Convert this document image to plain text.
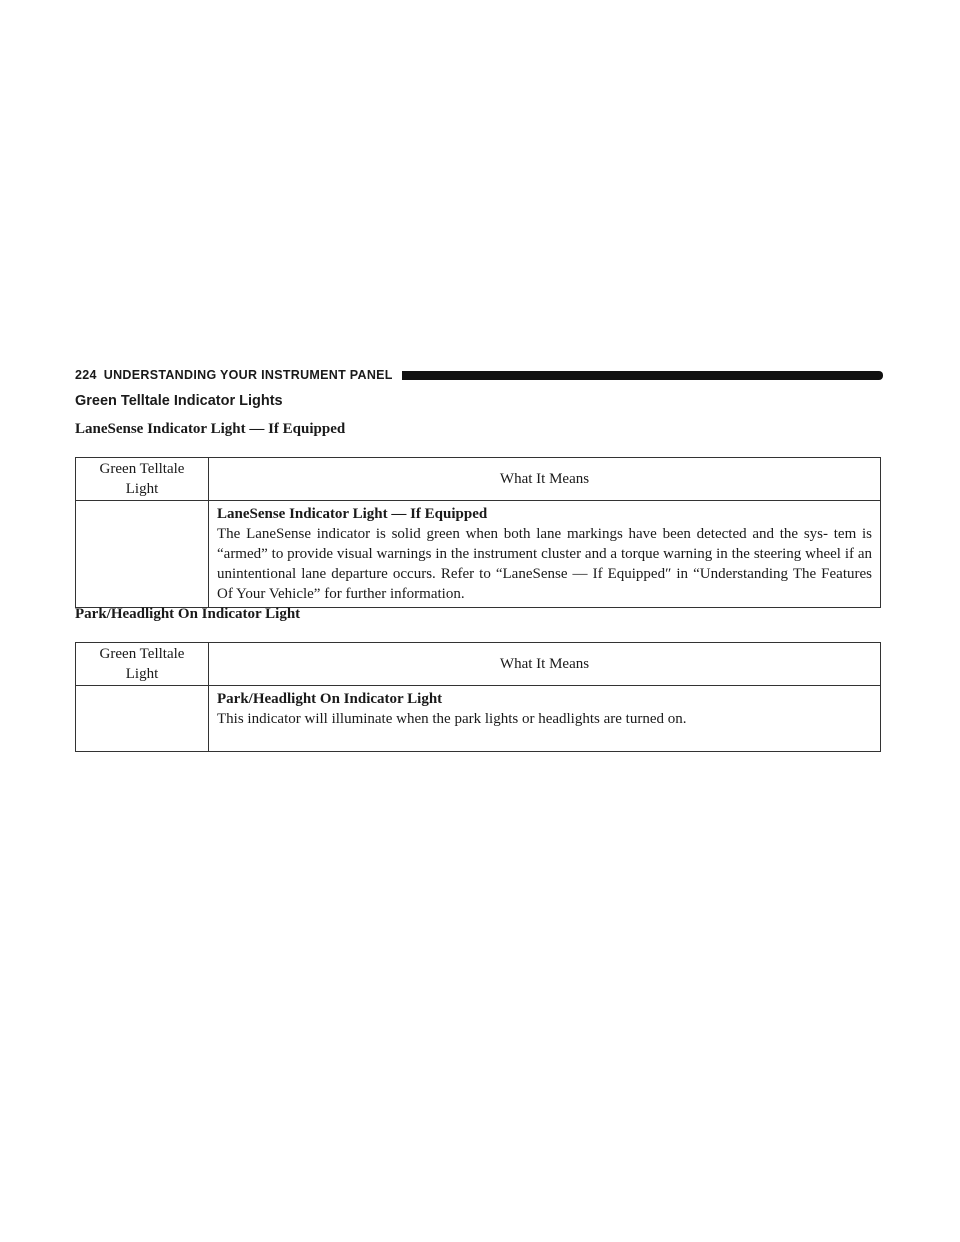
224 UNDERSTANDING YOUR INSTRUMENT PANEL
Green Telltale Indicator Lights
LaneSense Indicator Light — If Equipped
Green Telltale Light	What It Means

	LaneSense Indicator Light — If Equipped
The LaneSense indicator is solid green when both lane markings have been detected and the sys- tem is “armed” to provide visual warnings in the instrument cluster and a torque warning in the steering wheel if an unintentional lane departure occurs. Refer to “LaneSense — If Equipped″ in “Understanding The Features Of Your Vehicle” for further information.
Park/Headlight On Indicator Light
Green Telltale Light	What It Means

	Park/Headlight On Indicator Light
This indicator will illuminate when the park lights or headlights are turned on.
